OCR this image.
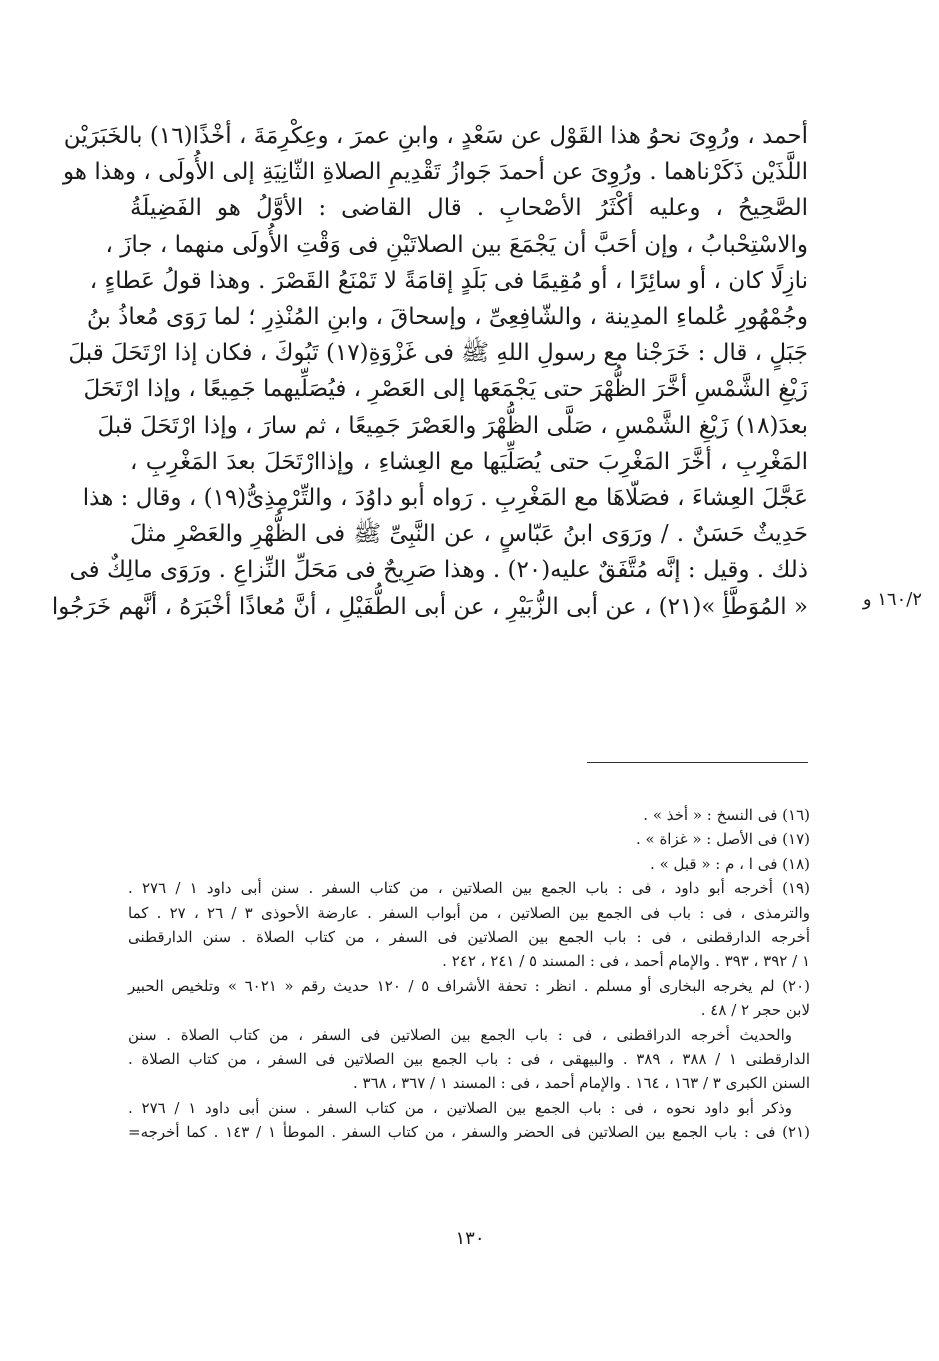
أحمد ، ورُوِىَ نحوُ هذا القَوْل عن سَعْدٍ ، وابنِ عمرَ ، وعِكْرِمَةَ ، أخْذًا(١٦) بالخَبَرَيْن
اللَّذَيْن ذَكَرْناهما . ورُوِىَ عن أحمدَ جَوازُ تَقْدِيمِ الصلاةِ الثّانِيَةِ إلى الأُولَى ، وهذا هو
الصَّحِيحُ ، وعليه أكْثَرُ الأصْحابِ . قال القاضى : الأوَّلُ هو الفَضِيلَةُ
والاسْتِحْبابُ ، وإن أحَبَّ أن يَجْمَعَ بين الصلاتَيْنِ فى وَقْتِ الأُولَى منهما ، جازَ ،
نازِلًا كان ، أو سائِرًا ، أو مُقِيمًا فى بَلَدٍ إقامَةً لا تَمْنَعُ القَصْرَ . وهذا قولُ عَطاءٍ ،
وجُمْهُورِ عُلماءِ المدِينة ، والشّافِعِىِّ ، وإسحاقَ ، وابنِ المُنْذِرِ ؛ لما رَوَى مُعاذُ بنُ
جَبَلٍ ، قال : خَرَجْنا مع رسولِ اللهِ ﷺ فى غَزْوَةِ(١٧) تَبُوكَ ، فكان إذا ارْتَحَلَ قبلَ
زَيْغِ الشَّمْسِ أخَّرَ الظُّهْرَ حتى يَجْمَعَها إلى العَصْرِ ، فيُصَلِّيهما جَمِيعًا ، وإذا ارْتَحَلَ
بعدَ(١٨) زَيْغِ الشَّمْسِ ، صَلَّى الظُّهْرَ والعَصْرَ جَمِيعًا ، ثم سارَ ، وإذا ارْتَحَلَ قبلَ
المَغْرِبِ ، أخَّرَ المَغْرِبَ حتى يُصَلِّيَها مع العِشاءِ ، وإذاارْتَحَلَ بعدَ المَغْرِبِ ،
عَجَّلَ العِشاءَ ، فصَلّاهَا مع المَغْرِبِ . رَواه أبو داوُدَ ، والتِّرْمِذِىُّ(١٩) ، وقال : هذا
حَدِيثٌ حَسَنٌ . / ورَوَى ابنُ عَبّاسٍ ، عن النَّبِىِّ ﷺ فى الظُّهْرِ والعَصْرِ مثلَ
ذلك . وقيل : إنَّه مُتَّفَقٌ عليه(٢٠) . وهذا صَرِيحٌ فى مَحَلِّ النِّزاعِ . ورَوَى مالِكٌ فى
« المُوَطَّأِ »(٢١) ، عن أبى الزُّبَيْرِ ، عن أبى الطُّفَيْلِ ، أنَّ مُعاذًا أخْبَرَهُ ، أنَّهم خَرَجُوا	١٦٠/٢ و
(١٦) فى النسخ : « أخذ » .
(١٧) فى الأصل : « غزاة » .
(١٨) فى ا ، م : « قبل » .
(١٩) أخرجه أبو داود ، فى : باب الجمع بين الصلاتين ، من كتاب السفر . سنن أبى داود ١ / ٢٧٦ .
والترمذى ، فى : باب فى الجمع بين الصلاتين ، من أبواب السفر . عارضة الأحوذى ٣ / ٢٦ ، ٢٧ . كما
أخرجه الدارقطنى ، فى : باب الجمع بين الصلاتين فى السفر ، من كتاب الصلاة . سنن الدارقطنى
١ / ٣٩٢ ، ٣٩٣ . والإمام أحمد ، فى : المسند ٥ / ٢٤١ ، ٢٤٢ .
(٢٠) لم يخرجه البخارى أو مسلم . انظر : تحفة الأشراف ٥ / ١٢٠ حديث رقم « ٦٠٢١ » وتلخيص الحبير
لابن حجر ٢ / ٤٨ .
والحديث أخرجه الدراقطنى ، فى : باب الجمع بين الصلاتين فى السفر ، من كتاب الصلاة . سنن
الدارقطنى ١ / ٣٨٨ ، ٣٨٩ . والبيهقى ، فى : باب الجمع بين الصلاتين فى السفر ، من كتاب الصلاة .
السنن الكبرى ٣ / ١٦٣ ، ١٦٤ . والإمام أحمد ، فى : المسند ١ / ٣٦٧ ، ٣٦٨ .
وذكر أبو داود نحوه ، فى : باب الجمع بين الصلاتين ، من كتاب السفر . سنن أبى داود ١ / ٢٧٦ .
(٢١) فى : باب الجمع بين الصلاتين فى الحضر والسفر ، من كتاب السفر . الموطأ ١ / ١٤٣ . كما أخرجه=
١٣٠
